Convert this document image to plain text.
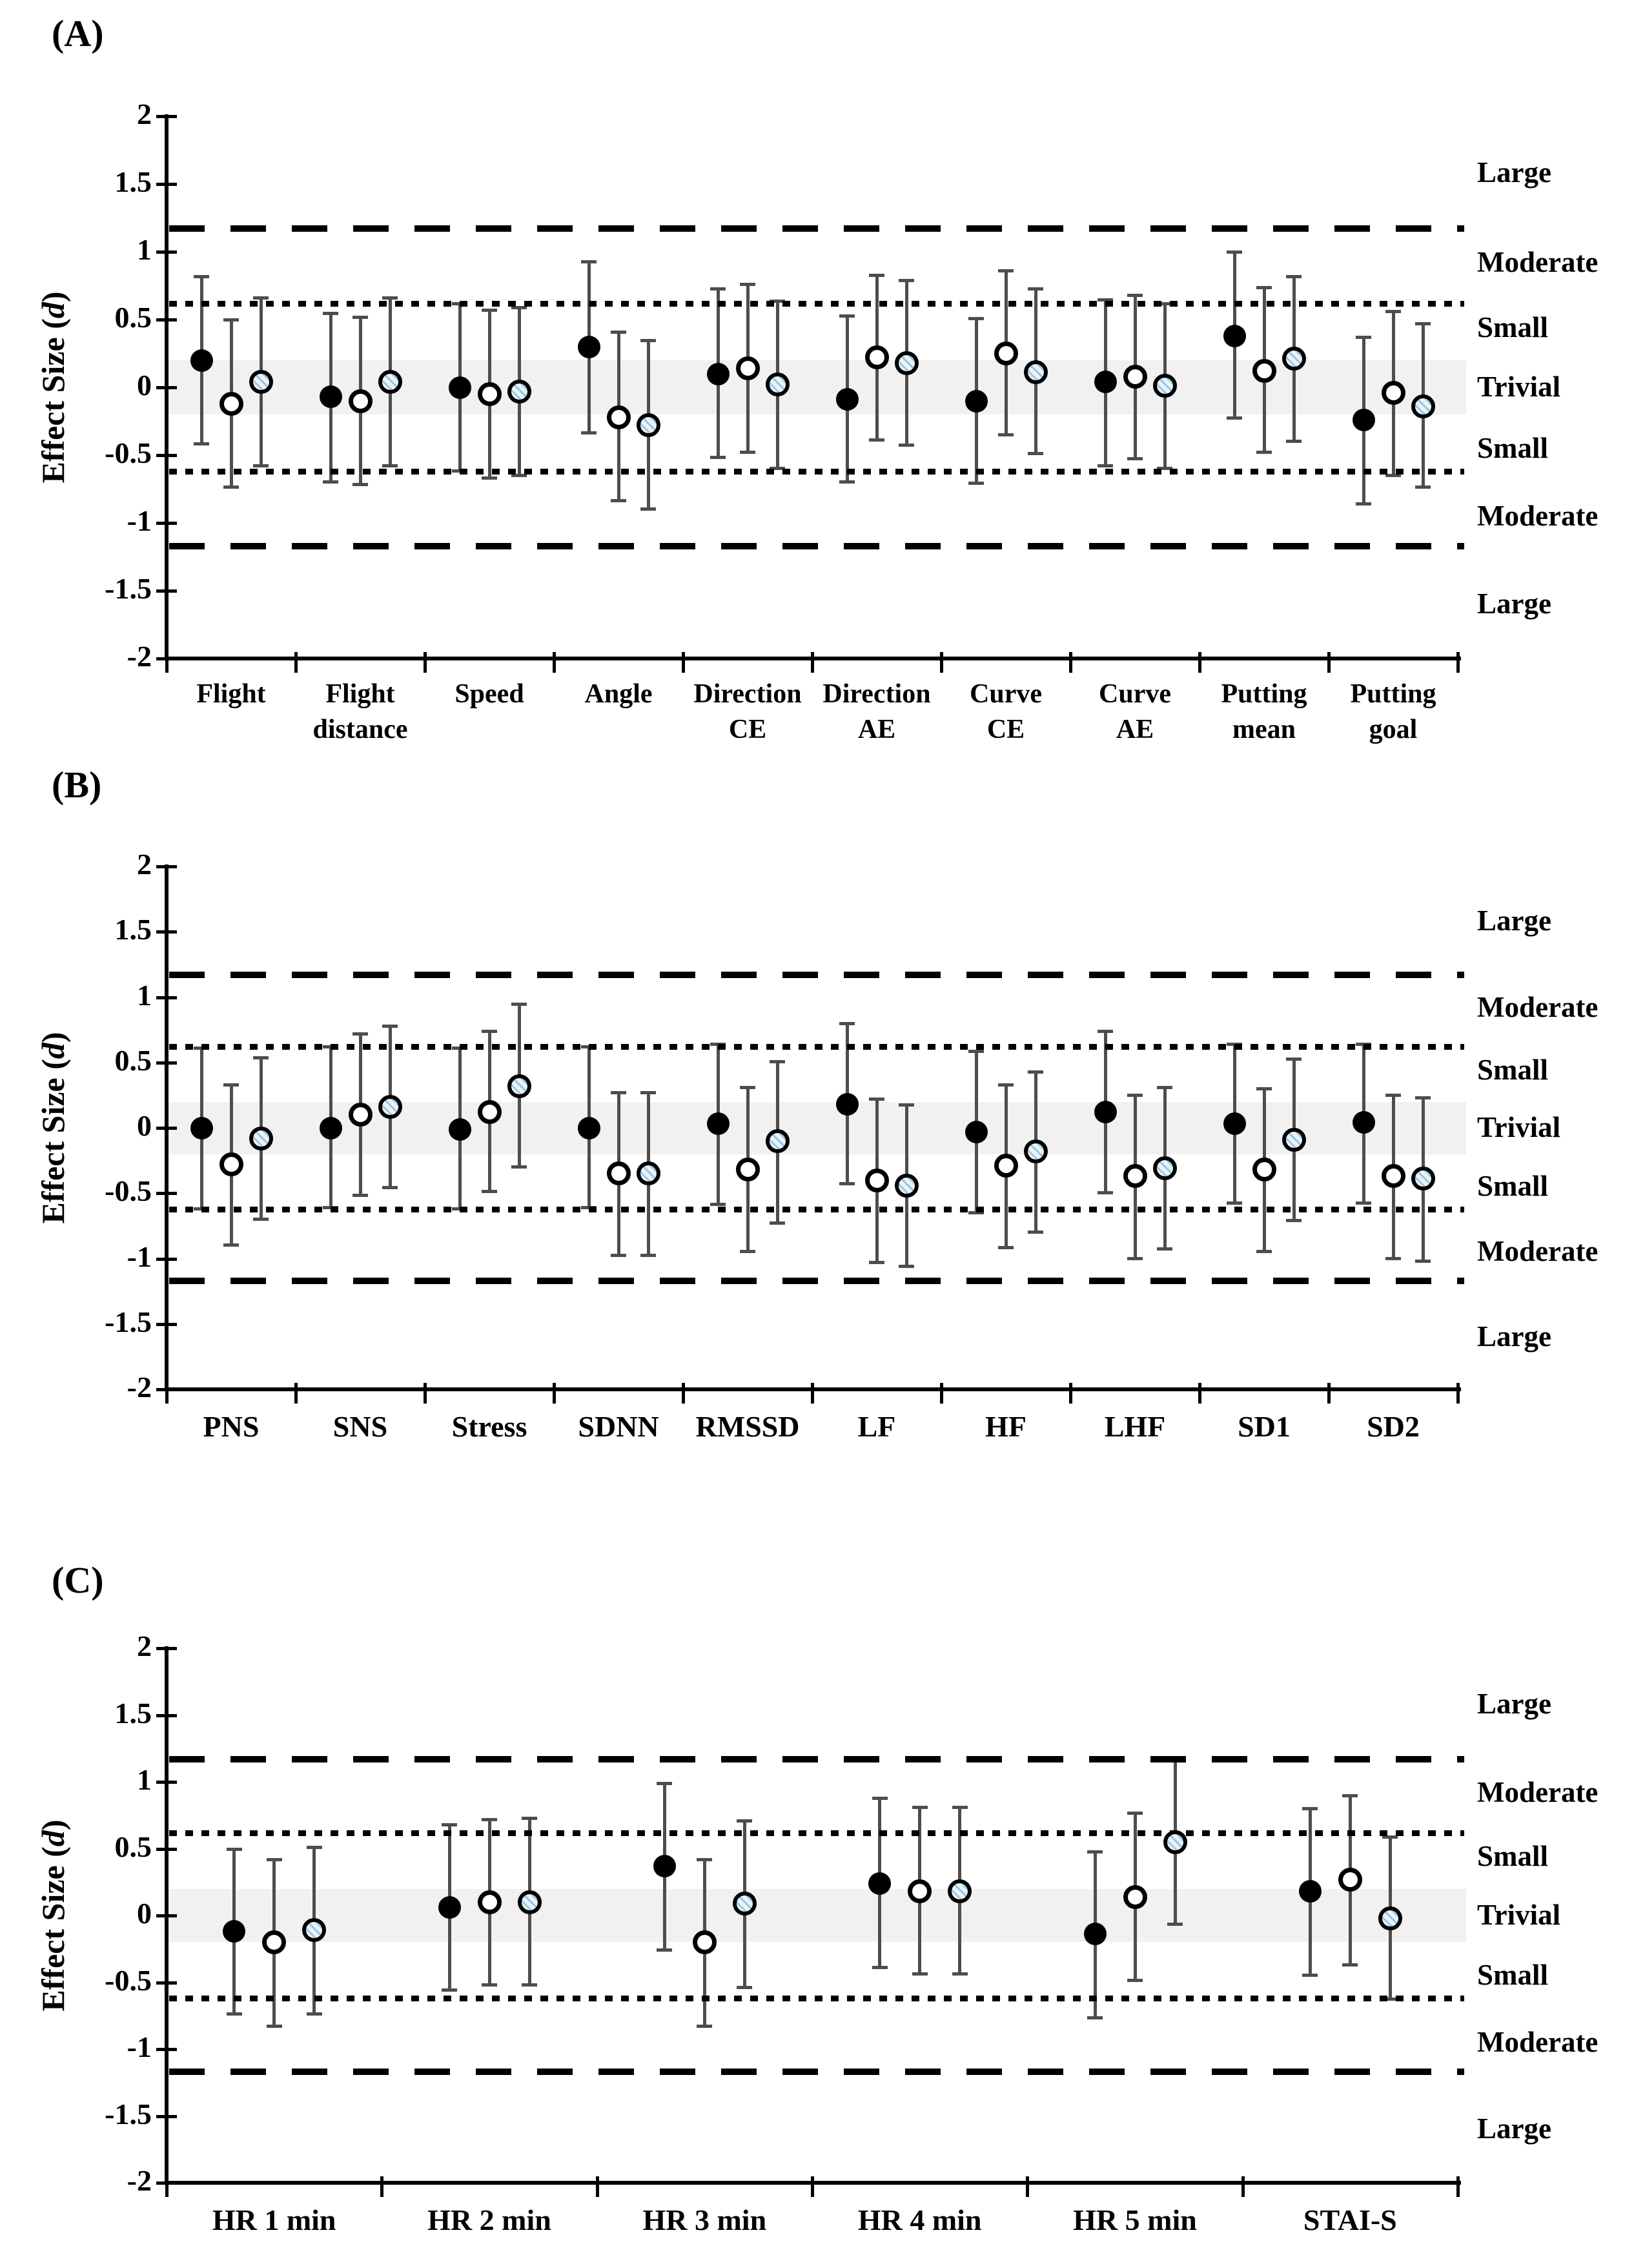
(A)
2
1.5
1
0.5
0
-0.5
-1
-1.5
-2
Effect Size (d)
Flight	Flight
distance
Speed	Angle	Direction
CE
Direction
AE
Curve
CE
Curve
AE
Putting
mean
Putting
goal
Large
Moderate
Small
Trivial
Small
Moderate
Large
(B)
2
1.5
1
0.5
0
-0.5
-1
-1.5
-2
Effect Size (d)
PNS	SNS	Stress	SDNN	RMSSD	LF	HF	LHF	SD1	SD2
Large
Moderate
Small
Trivial
Small
Moderate
Large
(C)
2
1.5
1
0.5
0
-0.5
-1
-1.5
-2
Effect Size (d)
HR 1 min	HR 2 min	HR 3 min	HR 4 min	HR 5 min	STAI-S
Large
Moderate
Small
Trivial
Small
Moderate
Large
